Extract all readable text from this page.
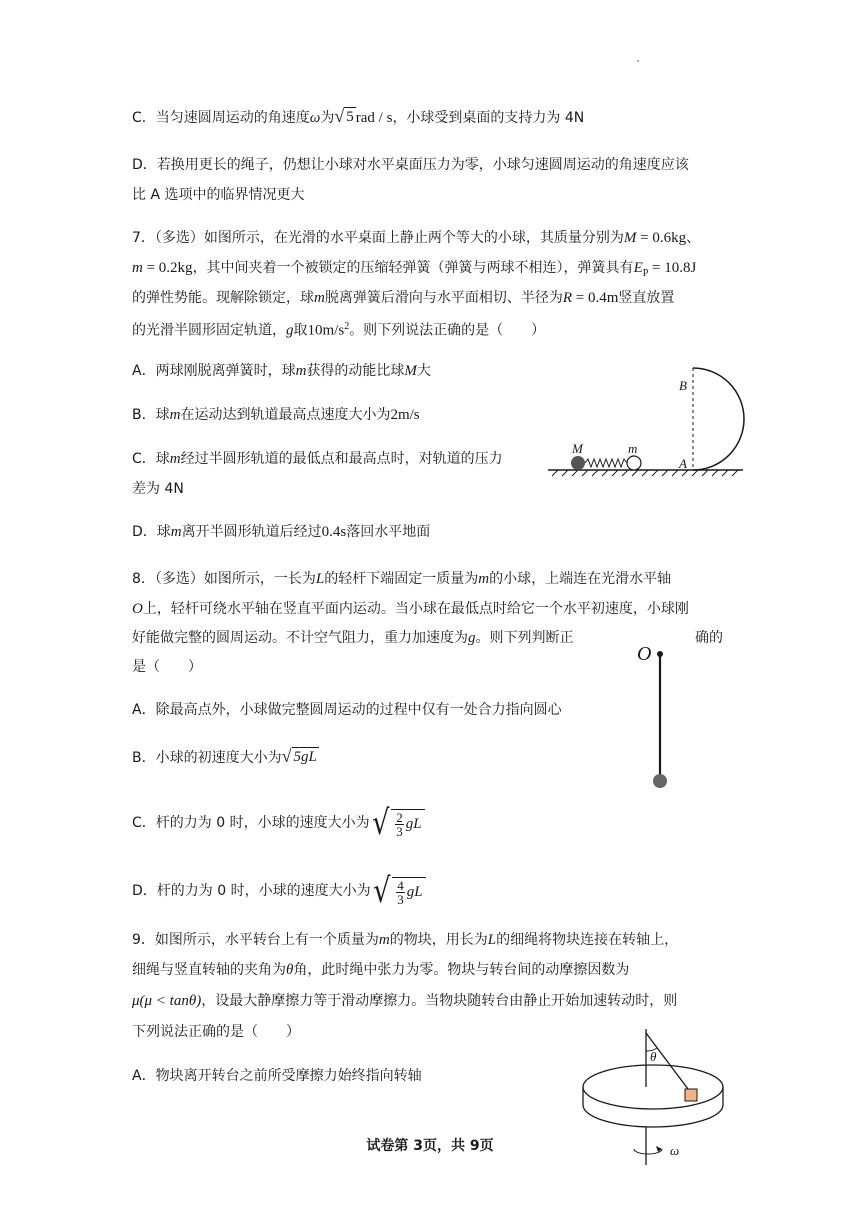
C．当匀速圆周运动的角速度ω为 √ 5 rad / s，小球受到桌面的支持力为 4N
D．若换用更长的绳子，仍想让小球对水平桌面压力为零，小球匀速圆周运动的角速度应该
比 A 选项中的临界情况更大
7．（多选）如图所示，在光滑的水平桌面上静止两个等大的小球，其质量分别为M = 0.6kg、
m = 0.2kg，其中间夹着一个被锁定的压缩轻弹簧（弹簧与两球不相连），弹簧具有$E_P = 10.8J$
的弹性势能。现解除锁定，球m脱离弹簧后滑向与水平面相切、半径为R = 0.4m竖直放置
的光滑半圆形固定轨道，g取$10m/s^2$。则下列说法正确的是（　　）
A．两球刚脱离弹簧时，球m获得的动能比球M大
B．球m在运动达到轨道最高点速度大小为2m/s
C．球m经过半圆形轨道的最低点和最高点时，对轨道的压力
差为 4N
D．球m离开半圆形轨道后经过0.4s落回水平地面
B
A
M	m
8．（多选）如图所示，一长为L的轻杆下端固定一质量为m的小球，上端连在光滑水平轴
O上，轻杆可绕水平轴在竖直平面内运动。当小球在最低点时给它一个水平初速度，小球刚
好能做完整的圆周运动。不计空气阻力，重力加速度为g。则下列判断正	确的
是（　　）
A．除最高点外，小球做完整圆周运动的过程中仅有一处合力指向圆心
B．小球的初速度大小为 √ 5gL
C．杆的力为 0 时，小球的速度大小为 √ $\frac{2}{3}$ gL
D．杆的力为 0 时，小球的速度大小为 √ $\frac{4}{3}$ gL
O
9．如图所示，水平转台上有一个质量为m的物块，用长为L的细绳将物块连接在转轴上，
细绳与竖直转轴的夹角为θ角，此时绳中张力为零。物块与转台间的动摩擦因数为
μ(μ < tanθ)，设最大静摩擦力等于滑动摩擦力。当物块随转台由静止开始加速转动时，则
下列说法正确的是（　　）
A．物块离开转台之前所受摩擦力始终指向转轴
θ
ω
试卷第 3页，共 9页
